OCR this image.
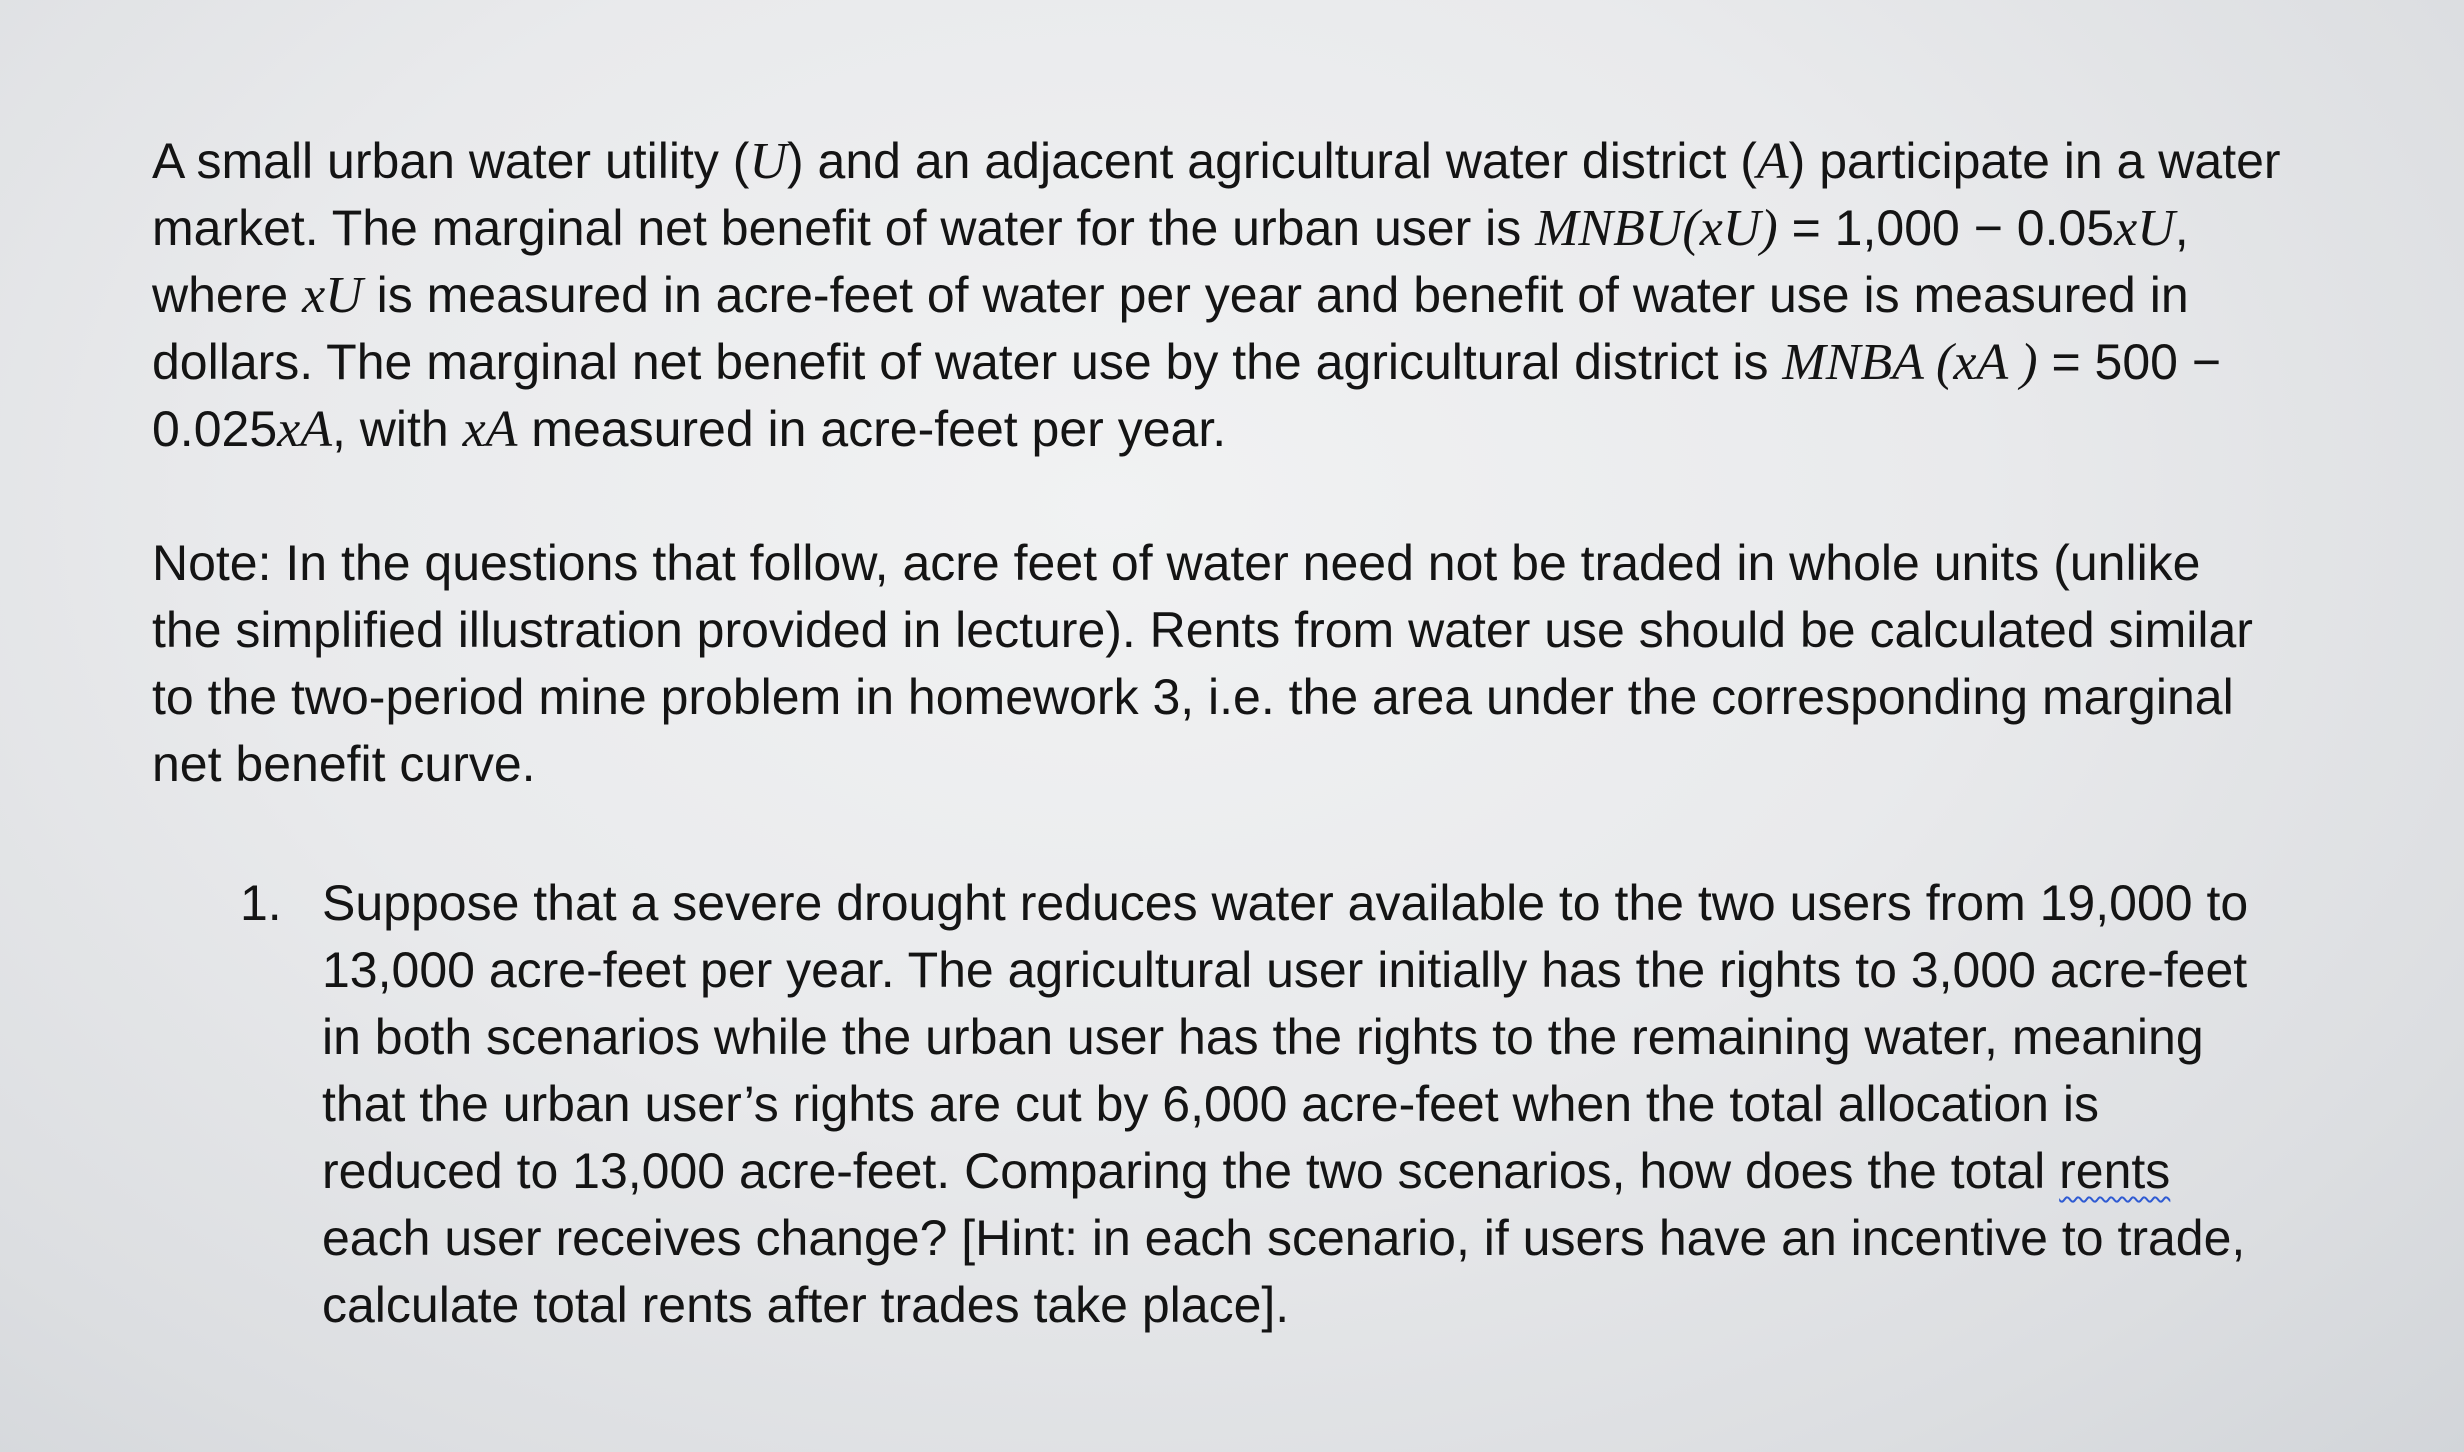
A small urban water utility (U) and an adjacent agricultural water district (A) participate in a water
market. The marginal net benefit of water for the urban user is MNBU(xU) = 1,000 − 0.05xU,
where xU is measured in acre-feet of water per year and benefit of water use is measured in
dollars. The marginal net benefit of water use by the agricultural district is MNBA (xA ) = 500 −
0.025xA, with xA measured in acre-feet per year.

Note: In the questions that follow, acre feet of water need not be traded in whole units (unlike
the simplified illustration provided in lecture). Rents from water use should be calculated similar
to the two-period mine problem in homework 3, i.e. the area under the corresponding marginal
net benefit curve.

1. Suppose that a severe drought reduces water available to the two users from 19,000 to
13,000 acre-feet per year. The agricultural user initially has the rights to 3,000 acre-feet
in both scenarios while the urban user has the rights to the remaining water, meaning
that the urban user’s rights are cut by 6,000 acre-feet when the total allocation is
reduced to 13,000 acre-feet. Comparing the two scenarios, how does the total rents
each user receives change? [Hint: in each scenario, if users have an incentive to trade,
calculate total rents after trades take place].
